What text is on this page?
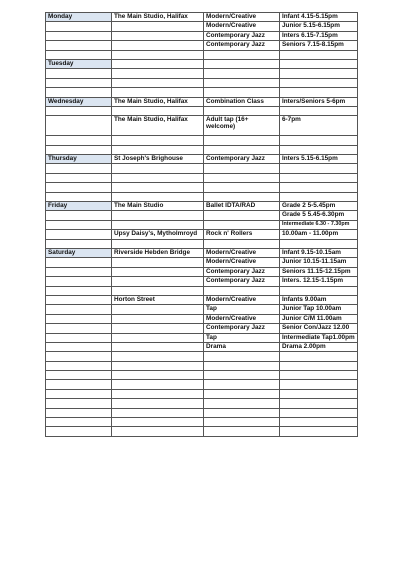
Monday	The Main Studio, Halifax	Modern/Creative	Infant 4.15-5.15pm
		Modern/Creative	Junior 5.15-6.15pm
		Contemporary Jazz	Inters 6.15-7.15pm
		Contemporary Jazz	Seniors 7.15-8.15pm

Tuesday			

Wednesday	The Main Studio, Halifax	Combination Class	Inters/Seniors 5-6pm

	The Main Studio, Halifax	Adult tap (16+ welcome)	6-7pm

Thursday	St Joseph's Brighouse	Contemporary Jazz	Inters 5.15-6.15pm

Friday	The Main Studio	Ballet IDTA/RAD	Grade 2 5-5.45pm
			Grade 5 5.45-6.30pm
			Intermediate 6.30 - 7.30pm
	Upsy Daisy's, Mytholmroyd	Rock n' Rollers	10.00am - 11.00pm

Saturday	Riverside Hebden Bridge	Modern/Creative	Infant 9.15-10.15am
		Modern/Creative	Junior 10.15-11.15am
		Contemporary Jazz	Seniors 11.15-12.15pm
		Contemporary Jazz	Inters. 12.15-1.15pm

	Horton Street	Modern/Creative	Infants 9.00am
		Tap	Junior Tap 10.00am
		Modern/Creative	Junior C/M 11.00am
		Contemporary Jazz	Senior Con/Jazz 12.00
		Tap	Intermediate Tap1.00pm
		Drama	Drama 2.00pm
